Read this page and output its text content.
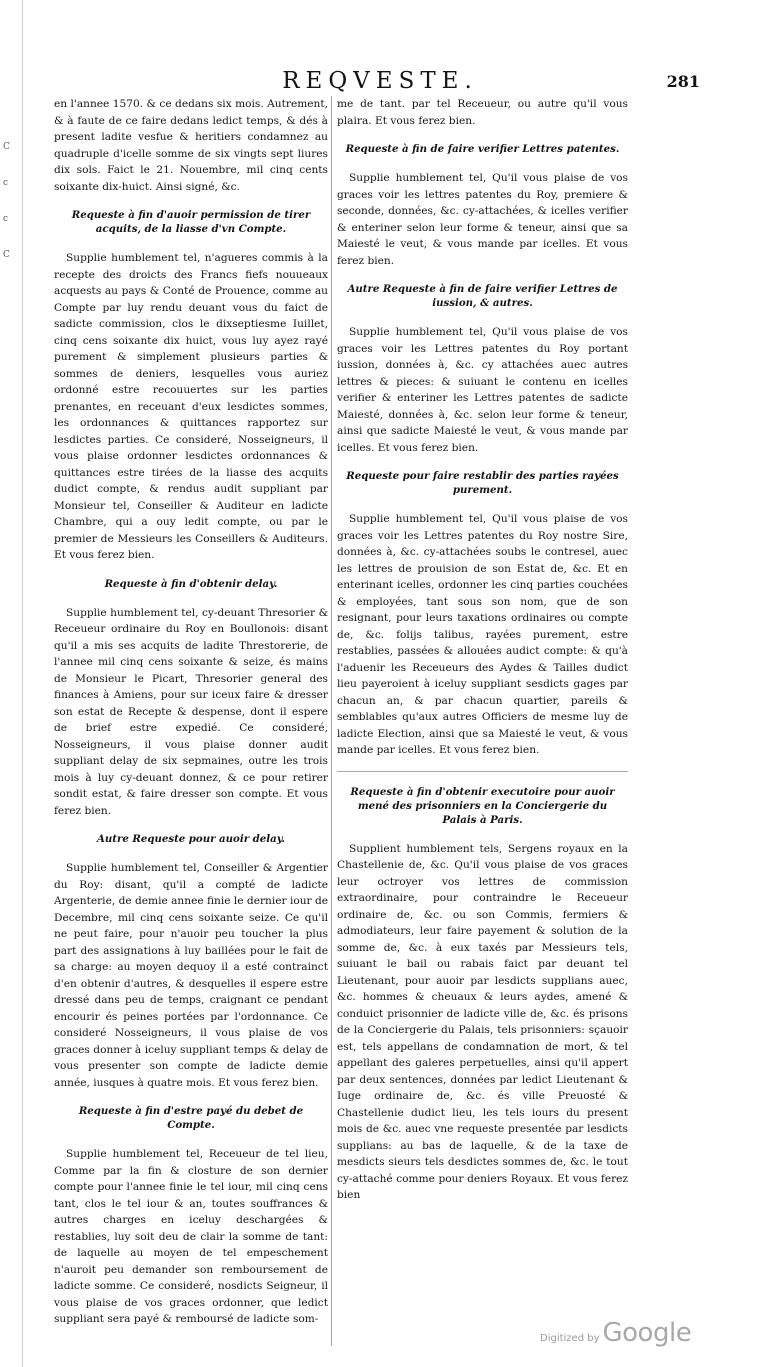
C
c
c
C
REQVESTE.	281

en l'annee 1570. & ce dedans six mois. Autrement, & à faute de ce faire dedans ledict temps, & dés à present ladite vesfue & heritiers condamnez au quadruple d'icelle somme de six vingts sept liures dix sols. Faict le 21. Nouembre, mil cinq cents soixante dix-huict. Ainsi signé, &c.

Requeste à fin d'auoir permission de tirer acquits, de la liasse d'vn Compte.

Supplie humblement tel, n'agueres commis à la recepte des droicts des Francs fiefs nouueaux acquests au pays & Conté de Prouence, comme au Compte par luy rendu deuant vous du faict de sadicte commission, clos le dixseptiesme Iuillet, cinq cens soixante dix huict, vous luy ayez rayé purement & simplement plusieurs parties & sommes de deniers, lesquelles vous auriez ordonné estre recouuertes sur les parties prenantes, en receuant d'eux lesdictes sommes, les ordonnances & quittances rapportez sur lesdictes parties. Ce consideré, Nosseigneurs, il vous plaise ordonner lesdictes ordonnances & quittances estre tirées de la liasse des acquits dudict compte, & rendus audit suppliant par Monsieur tel, Conseiller & Auditeur en ladicte Chambre, qui a ouy ledit compte, ou par le premier de Messieurs les Conseillers & Auditeurs. Et vous ferez bien.

Requeste à fin d'obtenir delay.

Supplie humblement tel, cy-deuant Thresorier & Receueur ordinaire du Roy en Boullonois: disant qu'il a mis ses acquits de ladite Threstorerie, de l'annee mil cinq cens soixante & seize, és mains de Monsieur le Picart, Thresorier general des finances à Amiens, pour sur iceux faire & dresser son estat de Recepte & despense, dont il espere de brief estre expedié. Ce consideré, Nosseigneurs, il vous plaise donner audit suppliant delay de six sepmaines, outre les trois mois à luy cy-deuant donnez, & ce pour retirer sondit estat, & faire dresser son compte. Et vous ferez bien.

Autre Requeste pour auoir delay.

Supplie humblement tel, Conseiller & Argentier du Roy: disant, qu'il a compté de ladicte Argenterie, de demie annee finie le dernier iour de Decembre, mil cinq cens soixante seize. Ce qu'il ne peut faire, pour n'auoir peu toucher la plus part des assignations à luy baillées pour le fait de sa charge: au moyen dequoy il a esté contrainct d'en obtenir d'autres, & desquelles il espere estre dressé dans peu de temps, craignant ce pendant encourir és peines portées par l'ordonnance. Ce consideré Nosseigneurs, il vous plaise de vos graces donner à iceluy suppliant temps & delay de vous presenter son compte de ladicte demie année, iusques à quatre mois. Et vous ferez bien.

Requeste à fin d'estre payé du debet de Compte.

Supplie humblement tel, Receueur de tel lieu, Comme par la fin & closture de son dernier compte pour l'annee finie le tel iour, mil cinq cens tant, clos le tel iour & an, toutes souffrances & autres charges en iceluy deschargées & restablies, luy soit deu de clair la somme de tant: de laquelle au moyen de tel empeschement n'auroit peu demander son remboursement de ladicte somme. Ce consideré, nosdicts Seigneur, il vous plaise de vos graces ordonner, que ledict suppliant sera payé & remboursé de ladicte som-

me de tant. par tel Receueur, ou autre qu'il vous plaira. Et vous ferez bien.

Requeste à fin de faire verifier Lettres patentes.

Supplie humblement tel, Qu'il vous plaise de vos graces voir les lettres patentes du Roy, premiere & seconde, données, &c. cy-attachées, & icelles verifier & enteriner selon leur forme & teneur, ainsi que sa Maiesté le veut, & vous mande par icelles. Et vous ferez bien.

Autre Requeste à fin de faire verifier Lettres de iussion, & autres.

Supplie humblement tel, Qu'il vous plaise de vos graces voir les Lettres patentes du Roy portant iussion, données à, &c. cy attachées auec autres lettres & pieces: & suiuant le contenu en icelles verifier & enteriner les Lettres patentes de sadicte Maiesté, données à, &c. selon leur forme & teneur, ainsi que sadicte Maiesté le veut, & vous mande par icelles. Et vous ferez bien.

Requeste pour faire restablir des parties rayées purement.

Supplie humblement tel, Qu'il vous plaise de vos graces voir les Lettres patentes du Roy nostre Sire, données à, &c. cy-attachées soubs le contresel, auec les lettres de prouision de son Estat de, &c. Et en enterinant icelles, ordonner les cinq parties couchées & employées, tant sous son nom, que de son resignant, pour leurs taxations ordinaires ou compte de, &c. folijs talibus, rayées purement, estre restablies, passées & allouées audict compte: & qu'à l'aduenir les Receueurs des Aydes & Tailles dudict lieu payeroient à iceluy suppliant sesdicts gages par chacun an, & par chacun quartier, pareils & semblables qu'aux autres Officiers de mesme luy de ladicte Election, ainsi que sa Maiesté le veut, & vous mande par icelles. Et vous ferez bien.

Requeste à fin d'obtenir executoire pour auoir mené des prisonniers en la Conciergerie du Palais à Paris.

Supplient humblement tels, Sergens royaux en la Chastellenie de, &c. Qu'il vous plaise de vos graces leur octroyer vos lettres de commission extraordinaire, pour contraindre le Receueur ordinaire de, &c. ou son Commis, fermiers & admodiateurs, leur faire payement & solution de la somme de, &c. à eux taxés par Messieurs tels, suiuant le bail ou rabais faict par deuant tel Lieutenant, pour auoir par lesdicts supplians auec, &c. hommes & cheuaux & leurs aydes, amené & conduict prisonnier de ladicte ville de, &c. és prisons de la Conciergerie du Palais, tels prisonniers: sçauoir est, tels appellans de condamnation de mort, & tel appellant des galeres perpetuelles, ainsi qu'il appert par deux sentences, données par ledict Lieutenant & Iuge ordinaire de, &c. és ville Preuosté & Chastellenie dudict lieu, les tels iours du present mois de &c. auec vne requeste presentée par lesdicts supplians: au bas de laquelle, & de la taxe de mesdicts sieurs tels desdictes sommes de, &c. le tout cy-attaché comme pour deniers Royaux. Et vous ferez bien

Digitized by Google
